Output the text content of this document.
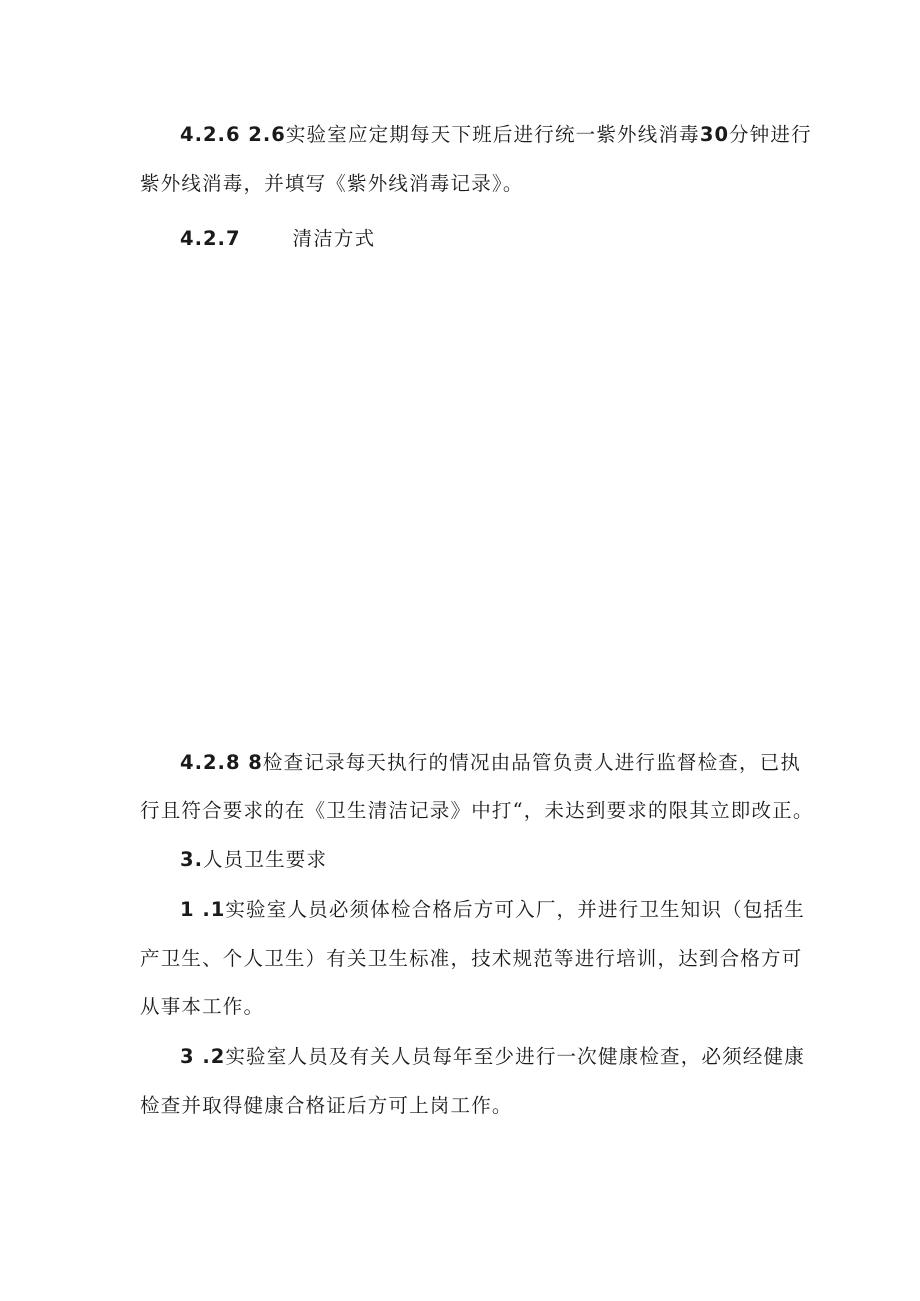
4.2.6 2.6实验室应定期每天下班后进行统一紫外线消毒30分钟进行
紫外线消毒，并填写《紫外线消毒记录》。
4.2.7	清洁方式
4.2.8 8检查记录每天执行的情况由品管负责人进行监督检查，已执
行且符合要求的在《卫生清洁记录》中打“，未达到要求的限其立即改正。
3.人员卫生要求
1 .1实验室人员必须体检合格后方可入厂，并进行卫生知识（包括生
产卫生、个人卫生）有关卫生标准，技术规范等进行培训，达到合格方可
从事本工作。
3 .2实验室人员及有关人员每年至少进行一次健康检查，必须经健康
检查并取得健康合格证后方可上岗工作。
